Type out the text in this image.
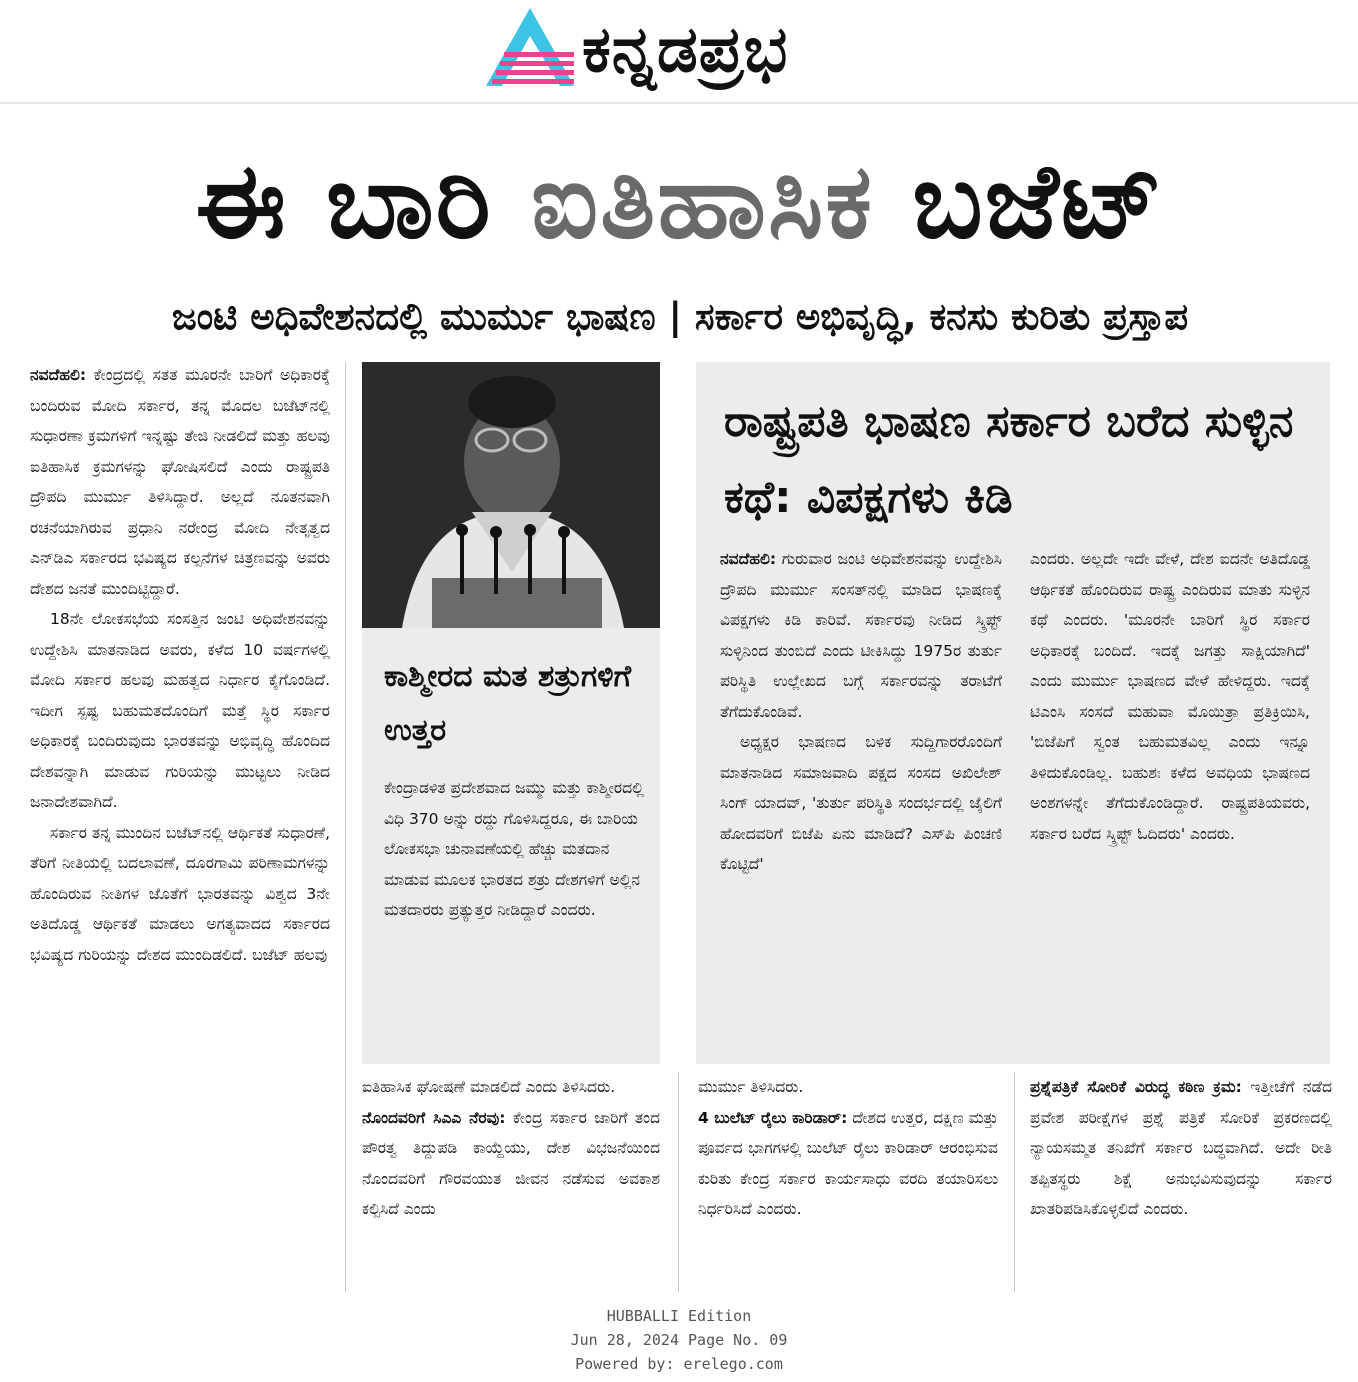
ಕನ್ನಡಪ್ರಭ
ಈ ಬಾರಿ ಐತಿಹಾಸಿಕ ಬಜೆಟ್
ಜಂಟಿ ಅಧಿವೇಶನದಲ್ಲಿ ಮುರ್ಮು ಭಾಷಣ | ಸರ್ಕಾರ ಅಭಿವೃದ್ಧಿ, ಕನಸು ಕುರಿತು ಪ್ರಸ್ತಾಪ

ನವದೆಹಲಿ: ಕೇಂದ್ರದಲ್ಲಿ ಸತತ ಮೂರನೇ ಬಾರಿಗೆ ಅಧಿಕಾರಕ್ಕೆ ಬಂದಿರುವ ಮೋದಿ ಸರ್ಕಾರ, ತನ್ನ ಮೊದಲ ಬಜೆಟ್‌ನಲ್ಲಿ ಸುಧಾರಣಾ ಕ್ರಮಗಳಿಗೆ ಇನ್ನಷ್ಟು ತೇಜಿ ನೀಡಲಿದೆ ಮತ್ತು ಹಲವು ಐತಿಹಾಸಿಕ ಕ್ರಮಗಳನ್ನು ಘೋಷಿಸಲಿದೆ ಎಂದು ರಾಷ್ಟ್ರಪತಿ ದ್ರೌಪದಿ ಮುರ್ಮು ತಿಳಿಸಿದ್ದಾರೆ. ಅಲ್ಲದೆ ನೂತನವಾಗಿ ರಚನೆಯಾಗಿರುವ ಪ್ರಧಾನಿ ನರೇಂದ್ರ ಮೋದಿ ನೇತೃತ್ವದ ಎನ್‌ಡಿಎ ಸರ್ಕಾರದ ಭವಿಷ್ಯದ ಕಲ್ಪನೆಗಳ ಚಿತ್ರಣವನ್ನು ಅವರು ದೇಶದ ಜನತೆ ಮುಂದಿಟ್ಟಿದ್ದಾರೆ.

18ನೇ ಲೋಕಸಭೆಯ ಸಂಸತ್ತಿನ ಜಂಟಿ ಅಧಿವೇಶನವನ್ನು ಉದ್ದೇಶಿಸಿ ಮಾತನಾಡಿದ ಅವರು, ಕಳೆದ 10 ವರ್ಷಗಳಲ್ಲಿ ಮೋದಿ ಸರ್ಕಾರ ಹಲವು ಮಹತ್ವದ ನಿರ್ಧಾರ ಕೈಗೊಂಡಿದೆ. ಇದೀಗ ಸ್ಪಷ್ಟ ಬಹುಮತದೊಂದಿಗೆ ಮತ್ತೆ ಸ್ಥಿರ ಸರ್ಕಾರ ಅಧಿಕಾರಕ್ಕೆ ಬಂದಿರುವುದು ಭಾರತವನ್ನು ಅಭಿವೃದ್ಧಿ ಹೊಂದಿದ ದೇಶವನ್ನಾಗಿ ಮಾಡುವ ಗುರಿಯನ್ನು ಮುಟ್ಟಲು ನೀಡಿದ ಜನಾದೇಶವಾಗಿದೆ.

ಸರ್ಕಾರ ತನ್ನ ಮುಂದಿನ ಬಜೆಟ್‌ನಲ್ಲಿ ಆರ್ಥಿಕತೆ ಸುಧಾರಣೆ, ತೆರಿಗೆ ನೀತಿಯಲ್ಲಿ ಬದಲಾವಣೆ, ದೂರಗಾಮಿ ಪರಿಣಾಮಗಳನ್ನು ಹೊಂದಿರುವ ನೀತಿಗಳ ಜೊತೆಗೆ ಭಾರತವನ್ನು ವಿಶ್ವದ 3ನೇ ಅತಿದೊಡ್ಡ ಆರ್ಥಿಕತೆ ಮಾಡಲು ಅಗತ್ಯವಾದದ ಸರ್ಕಾರದ ಭವಿಷ್ಯದ ಗುರಿಯನ್ನು ದೇಶದ ಮುಂದಿಡಲಿದೆ. ಬಜೆಟ್ ಹಲವು

ಕಾಶ್ಮೀರದ ಮತ ಶತ್ರುಗಳಿಗೆ ಉತ್ತರ
ಕೇಂದ್ರಾಡಳಿತ ಪ್ರದೇಶವಾದ ಜಮ್ಮು ಮತ್ತು ಕಾಶ್ಮೀರದಲ್ಲಿ ವಿಧಿ 370 ಅನ್ನು ರದ್ದು ಗೊಳಿಸಿದ್ದರೂ, ಈ ಬಾರಿಯ ಲೋಕಸಭಾ ಚುನಾವಣೆಯಲ್ಲಿ ಹೆಚ್ಚು ಮತದಾನ ಮಾಡುವ ಮೂಲಕ ಭಾರತದ ಶತ್ರು ದೇಶಗಳಿಗೆ ಅಲ್ಲಿನ ಮತದಾರರು ಪ್ರತ್ಯುತ್ತರ ನೀಡಿದ್ದಾರೆ ಎಂದರು.

ಐತಿಹಾಸಿಕ ಘೋಷಣೆ ಮಾಡಲಿದೆ ಎಂದು ತಿಳಿಸಿದರು.

ನೊಂದವರಿಗೆ ಸಿಎಎ ನೆರವು: ಕೇಂದ್ರ ಸರ್ಕಾರ ಜಾರಿಗೆ ತಂದ ಪೌರತ್ವ ತಿದ್ದುಪಡಿ ಕಾಯ್ದೆಯು, ದೇಶ ವಿಭಜನೆಯಿಂದ ನೊಂದವರಿಗೆ ಗೌರವಯುತ ಜೀವನ ನಡೆಸುವ ಅವಕಾಶ ಕಲ್ಪಿಸಿದೆ ಎಂದು

ರಾಷ್ಟ್ರಪತಿ ಭಾಷಣ ಸರ್ಕಾರ ಬರೆದ ಸುಳ್ಳಿನ ಕಥೆ: ವಿಪಕ್ಷಗಳು ಕಿಡಿ

ನವದೆಹಲಿ: ಗುರುವಾರ ಜಂಟಿ ಅಧಿವೇಶನವನ್ನು ಉದ್ದೇಶಿಸಿ ದ್ರೌಪದಿ ಮುರ್ಮು ಸಂಸತ್‌ನಲ್ಲಿ ಮಾಡಿದ ಭಾಷಣಕ್ಕೆ ವಿಪಕ್ಷಗಳು ಕಿಡಿ ಕಾರಿವೆ. ಸರ್ಕಾರವು ನೀಡಿದ ಸ್ಕ್ರಿಪ್ಟ್ ಸುಳ್ಳಿನಿಂದ ತುಂಬಿದೆ ಎಂದು ಟೀಕಿಸಿದ್ದು 1975ರ ತುರ್ತು ಪರಿಸ್ಥಿತಿ ಉಲ್ಲೇಖದ ಬಗ್ಗೆ ಸರ್ಕಾರವನ್ನು ತರಾಟೆಗೆ ತೆಗೆದುಕೊಂಡಿವೆ.

ಅಧ್ಯಕ್ಷರ ಭಾಷಣದ ಬಳಿಕ ಸುದ್ದಿಗಾರರೊಂದಿಗೆ ಮಾತನಾಡಿದ ಸಮಾಜವಾದಿ ಪಕ್ಷದ ಸಂಸದ ಅಖಿಲೇಶ್ ಸಿಂಗ್ ಯಾದವ್, 'ತುರ್ತು ಪರಿಸ್ಥಿತಿ ಸಂದರ್ಭದಲ್ಲಿ ಜೈಲಿಗೆ ಹೋದವರಿಗೆ ಬಿಜೆಪಿ ಏನು ಮಾಡಿದೆ? ಎಸ್‌ಪಿ ಪಿಂಚಣಿ ಕೊಟ್ಟಿದೆ'

ಎಂದರು. ಅಲ್ಲದೇ ಇದೇ ವೇಳೆ, ದೇಶ ಐದನೇ ಅತಿದೊಡ್ಡ ಆರ್ಥಿಕತೆ ಹೊಂದಿರುವ ರಾಷ್ಟ್ರ ಎಂದಿರುವ ಮಾತು ಸುಳ್ಳಿನ ಕಥೆ ಎಂದರು. 'ಮೂರನೇ ಬಾರಿಗೆ ಸ್ಥಿರ ಸರ್ಕಾರ ಅಧಿಕಾರಕ್ಕೆ ಬಂದಿದೆ. ಇದಕ್ಕೆ ಜಗತ್ತು ಸಾಕ್ಷಿಯಾಗಿದೆ' ಎಂದು ಮುರ್ಮು ಭಾಷಣದ ವೇಳೆ ಹೇಳಿದ್ದರು. ಇದಕ್ಕೆ ಟಿಎಂಸಿ ಸಂಸದೆ ಮಹುವಾ ಮೊಯಿತ್ರಾ ಪ್ರತಿಕ್ರಿಯಿಸಿ, 'ಬಿಜೆಪಿಗೆ ಸ್ವಂತ ಬಹುಮತವಿಲ್ಲ ಎಂದು ಇನ್ನೂ ತಿಳಿದುಕೊಂಡಿಲ್ಲ. ಬಹುಶಃ ಕಳೆದ ಅವಧಿಯ ಭಾಷಣದ ಅಂಶಗಳನ್ನೇ ತೆಗೆದುಕೊಂಡಿದ್ದಾರೆ. ರಾಷ್ಟ್ರಪತಿಯವರು, ಸರ್ಕಾರ ಬರೆದ ಸ್ಕ್ರಿಪ್ಟ್ ಓದಿದರು' ಎಂದರು.

ಮುರ್ಮು ತಿಳಿಸಿದರು.

4 ಬುಲೆಟ್ ರೈಲು ಕಾರಿಡಾರ್: ದೇಶದ ಉತ್ತರ, ದಕ್ಷಿಣ ಮತ್ತು ಪೂರ್ವದ ಭಾಗಗಳಲ್ಲಿ ಬುಲೆಟ್ ರೈಲು ಕಾರಿಡಾರ್ ಆರಂಭಿಸುವ ಕುರಿತು ಕೇಂದ್ರ ಸರ್ಕಾರ ಕಾರ್ಯಸಾಧು ವರದಿ ತಯಾರಿಸಲು ನಿರ್ಧರಿಸಿದೆ ಎಂದರು.

ಪ್ರಶ್ನೆಪತ್ರಿಕೆ ಸೋರಿಕೆ ವಿರುದ್ಧ ಕಠಿಣ ಕ್ರಮ: ಇತ್ತೀಚೆಗೆ ನಡೆದ ಪ್ರವೇಶ ಪರೀಕ್ಷೆಗಳ ಪ್ರಶ್ನೆ ಪತ್ರಿಕೆ ಸೋರಿಕೆ ಪ್ರಕರಣದಲ್ಲಿ ನ್ಯಾಯಸಮ್ಮತ ತನಿಖೆಗೆ ಸರ್ಕಾರ ಬದ್ಧವಾಗಿದೆ. ಅದೇ ರೀತಿ ತಪ್ಪಿತಸ್ಥರು ಶಿಕ್ಷೆ ಅನುಭವಿಸುವುದನ್ನು ಸರ್ಕಾರ ಖಾತರಿಪಡಿಸಿಕೊಳ್ಳಲಿದೆ ಎಂದರು.

HUBBALLI Edition
Jun 28, 2024 Page No. 09
Powered by: erelego.com
